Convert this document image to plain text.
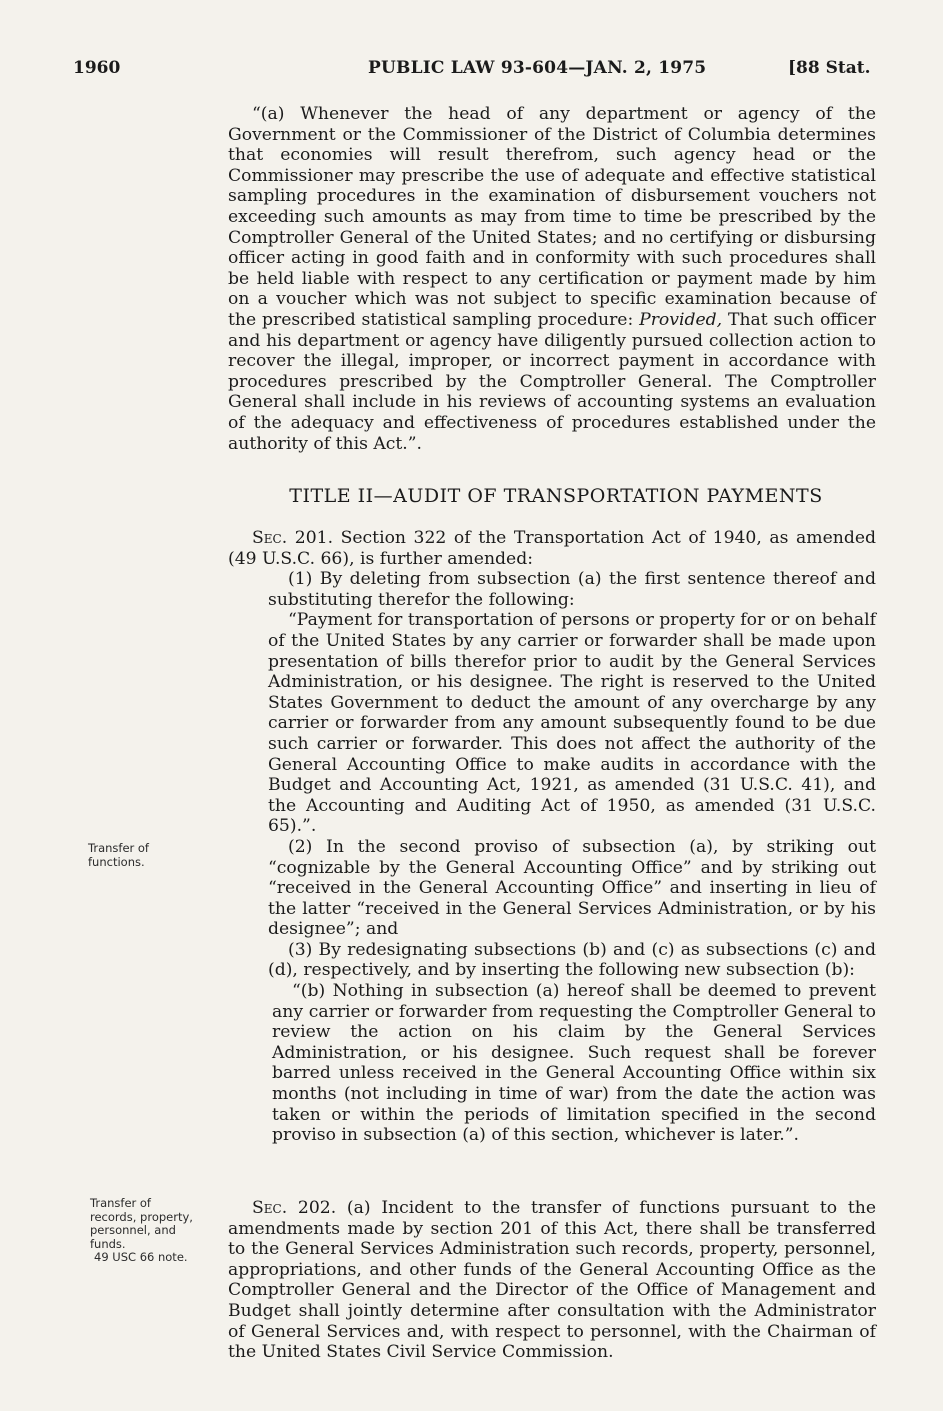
1960	PUBLIC LAW 93-604—JAN. 2, 1975	[88 Stat.

“(a) Whenever the head of any department or agency of the Government or the Commissioner of the District of Columbia determines that economies will result therefrom, such agency head or the Commissioner may prescribe the use of adequate and effective statistical sampling procedures in the examination of disbursement vouchers not exceeding such amounts as may from time to time be prescribed by the Comptroller General of the United States; and no certifying or disbursing officer acting in good faith and in conformity with such procedures shall be held liable with respect to any certification or payment made by him on a voucher which was not subject to specific examination because of the prescribed statistical sampling procedure: Provided, That such officer and his department or agency have diligently pursued collection action to recover the illegal, improper, or incorrect payment in accordance with procedures prescribed by the Comptroller General. The Comptroller General shall include in his reviews of accounting systems an evaluation of the adequacy and effectiveness of procedures established under the authority of this Act.”.

TITLE II—AUDIT OF TRANSPORTATION PAYMENTS

Sec. 201. Section 322 of the Transportation Act of 1940, as amended (49 U.S.C. 66), is further amended:

(1) By deleting from subsection (a) the first sentence thereof and substituting therefor the following:

“Payment for transportation of persons or property for or on behalf of the United States by any carrier or forwarder shall be made upon presentation of bills therefor prior to audit by the General Services Administration, or his designee. The right is reserved to the United States Government to deduct the amount of any overcharge by any carrier or forwarder from any amount subsequently found to be due such carrier or forwarder. This does not affect the authority of the General Accounting Office to make audits in accordance with the Budget and Accounting Act, 1921, as amended (31 U.S.C. 41), and the Accounting and Auditing Act of 1950, as amended (31 U.S.C. 65).”.

(2) In the second proviso of subsection (a), by striking out “cognizable by the General Accounting Office” and by striking out “received in the General Accounting Office” and inserting in lieu of the latter “received in the General Services Administration, or by his designee”; and

(3) By redesignating subsections (b) and (c) as subsections (c) and (d), respectively, and by inserting the following new subsection (b):

“(b) Nothing in subsection (a) hereof shall be deemed to prevent any carrier or forwarder from requesting the Comptroller General to review the action on his claim by the General Services Administration, or his designee. Such request shall be forever barred unless received in the General Accounting Office within six months (not including in time of war) from the date the action was taken or within the periods of limitation specified in the second proviso in subsection (a) of this section, whichever is later.”.

Sec. 202. (a) Incident to the transfer of functions pursuant to the amendments made by section 201 of this Act, there shall be transferred to the General Services Administration such records, property, personnel, appropriations, and other funds of the General Accounting Office as the Comptroller General and the Director of the Office of Management and Budget shall jointly determine after consultation with the Administrator of General Services and, with respect to personnel, with the Chairman of the United States Civil Service Commission.

Transfer of
functions.
Transfer of
records, property,
personnel, and
funds.
49 USC 66 note.
